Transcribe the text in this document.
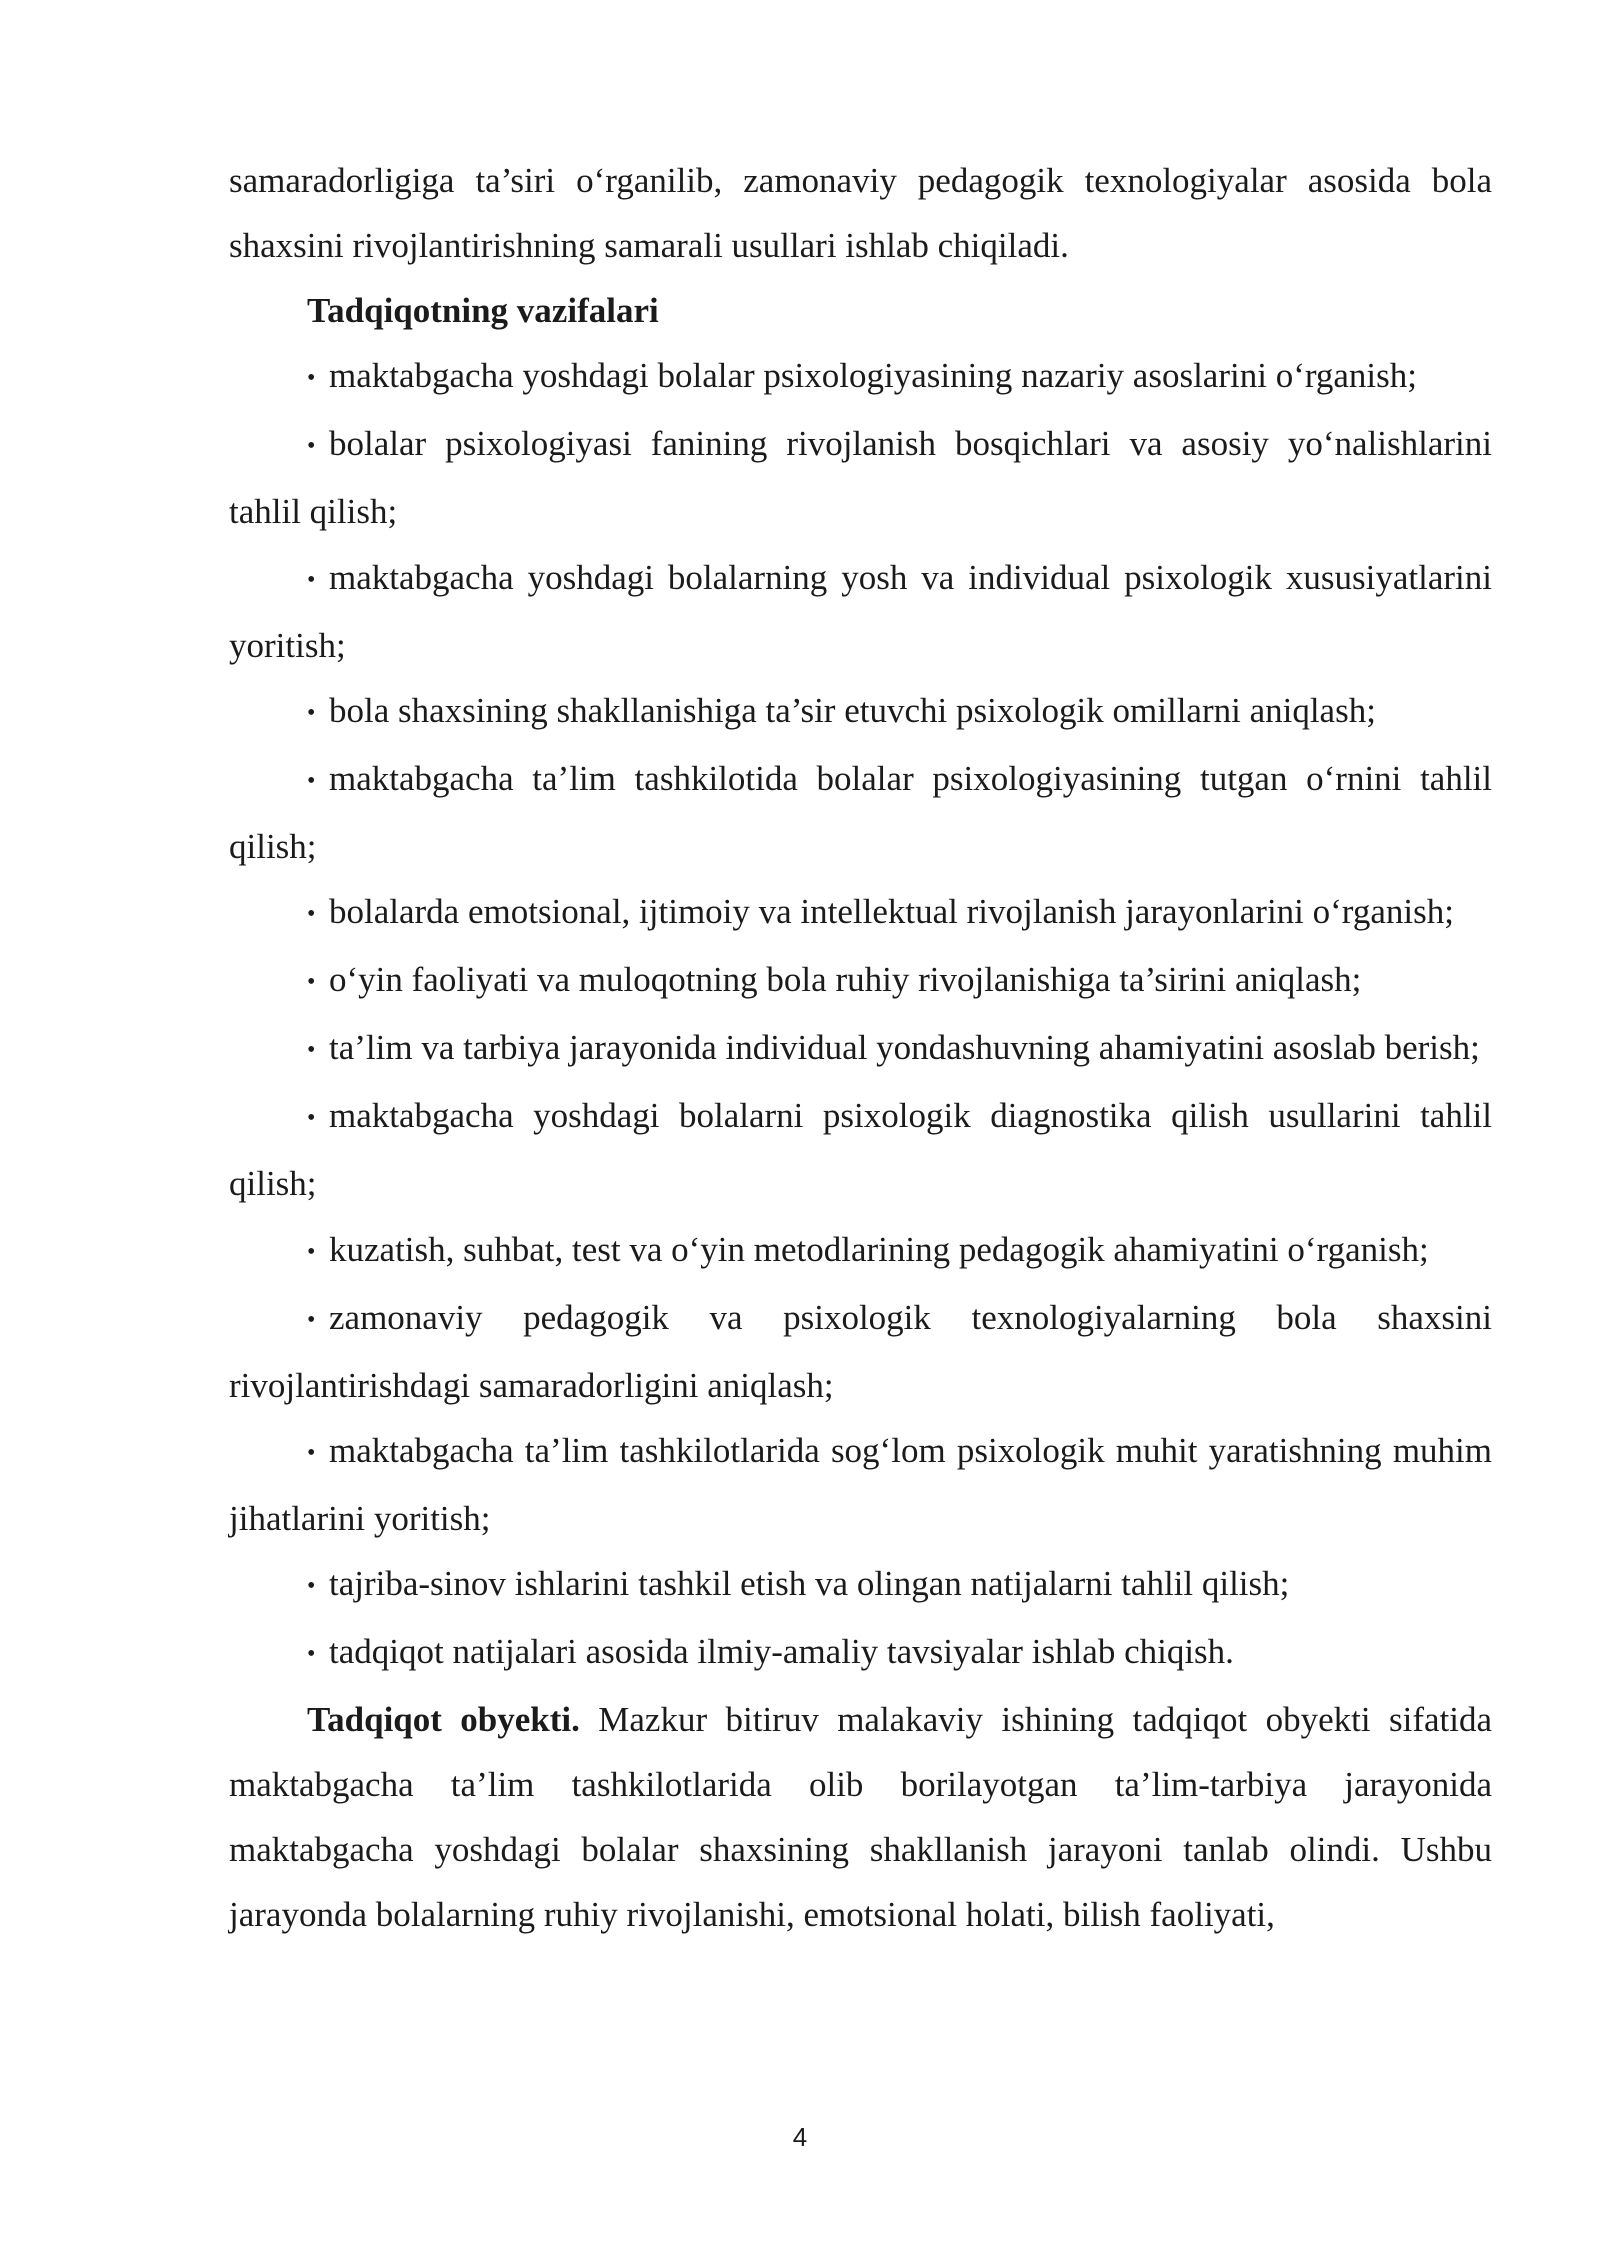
samaradorligiga ta’siri o‘rganilib, zamonaviy pedagogik texnologiyalar asosida bola shaxsini rivojlantirishning samarali usullari ishlab chiqiladi.

Tadqiqotning vazifalari

• maktabgacha yoshdagi bolalar psixologiyasining nazariy asoslarini o‘rganish;

• bolalar psixologiyasi fanining rivojlanish bosqichlari va asosiy yo‘nalishlarini tahlil qilish;

• maktabgacha yoshdagi bolalarning yosh va individual psixologik xususiyatlarini yoritish;

• bola shaxsining shakllanishiga ta’sir etuvchi psixologik omillarni aniqlash;

• maktabgacha ta’lim tashkilotida bolalar psixologiyasining tutgan o‘rnini tahlil qilish;

• bolalarda emotsional, ijtimoiy va intellektual rivojlanish jarayonlarini o‘rganish;

• o‘yin faoliyati va muloqotning bola ruhiy rivojlanishiga ta’sirini aniqlash;

• ta’lim va tarbiya jarayonida individual yondashuvning ahamiyatini asoslab berish;

• maktabgacha yoshdagi bolalarni psixologik diagnostika qilish usullarini tahlil qilish;

• kuzatish, suhbat, test va o‘yin metodlarining pedagogik ahamiyatini o‘rganish;

• zamonaviy pedagogik va psixologik texnologiyalarning bola shaxsini rivojlantirishdagi samaradorligini aniqlash;

• maktabgacha ta’lim tashkilotlarida sog‘lom psixologik muhit yaratishning muhim jihatlarini yoritish;

• tajriba-sinov ishlarini tashkil etish va olingan natijalarni tahlil qilish;

• tadqiqot natijalari asosida ilmiy-amaliy tavsiyalar ishlab chiqish.

Tadqiqot obyekti. Mazkur bitiruv malakaviy ishining tadqiqot obyekti sifatida maktabgacha ta’lim tashkilotlarida olib borilayotgan ta’lim-tarbiya jarayonida maktabgacha yoshdagi bolalar shaxsining shakllanish jarayoni tanlab olindi. Ushbu jarayonda bolalarning ruhiy rivojlanishi, emotsional holati, bilish faoliyati,

4
